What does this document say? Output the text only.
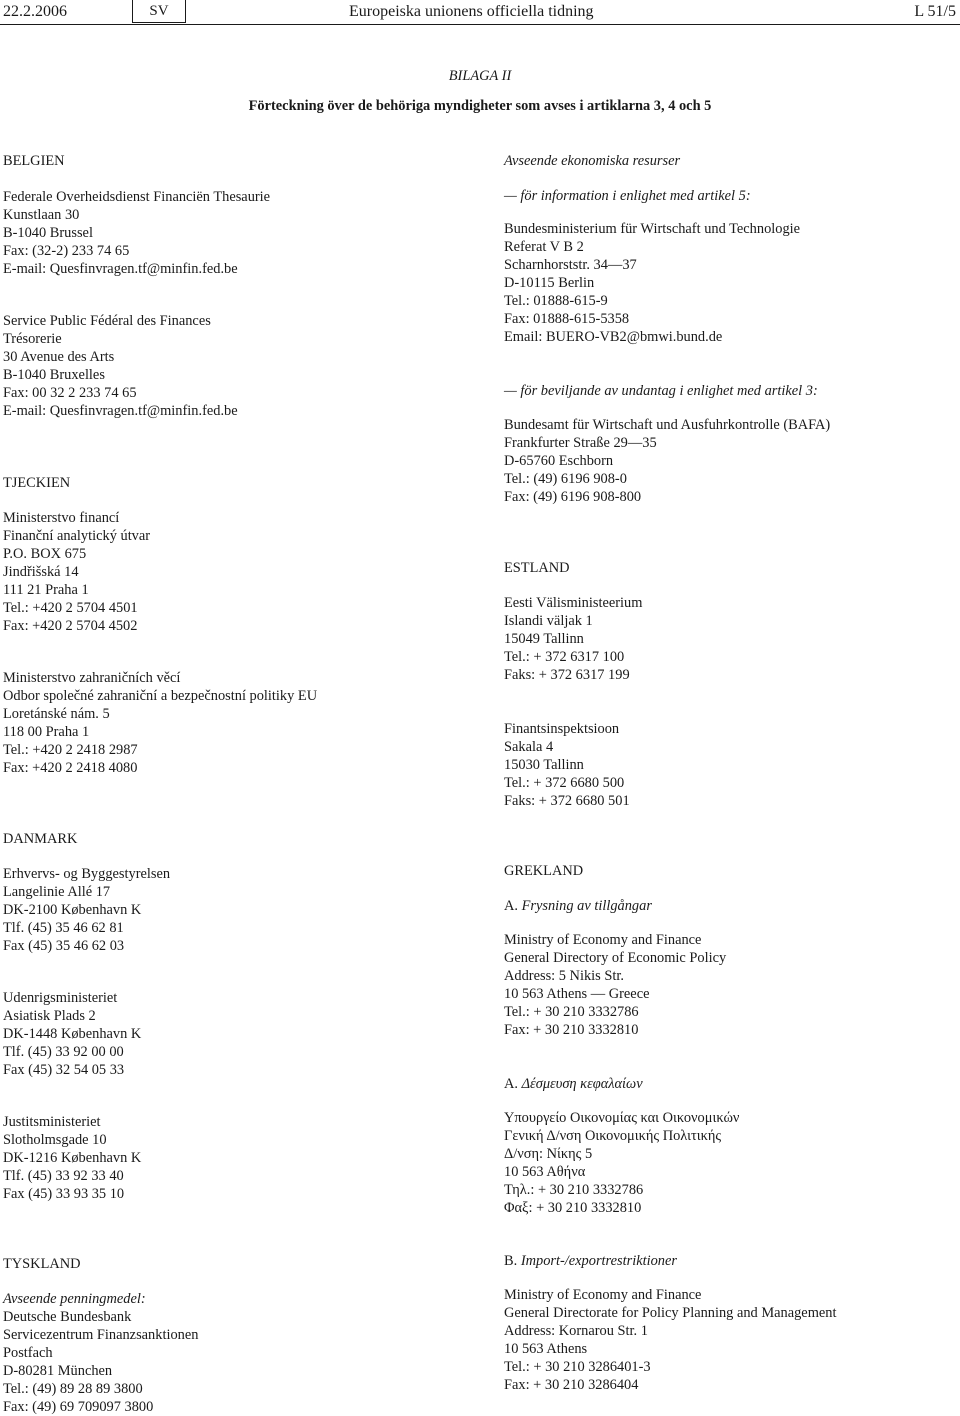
22.2.2006	SV	Europeiska unionens officiella tidning	L 51/5
BILAGA II
Förteckning över de behöriga myndigheter som avses i artiklarna 3, 4 och 5
BELGIEN
Federale Overheidsdienst Financiën Thesaurie
Kunstlaan 30
B-1040 Brussel
Fax: (32-2) 233 74 65
E-mail: Quesfinvragen.tf@minfin.fed.be
Service Public Fédéral des Finances
Trésorerie
30 Avenue des Arts
B-1040 Bruxelles
Fax: 00 32 2 233 74 65
E-mail: Quesfinvragen.tf@minfin.fed.be
TJECKIEN
Ministerstvo financí
Finanční analytický útvar
P.O. BOX 675
Jindřišská 14
111 21 Praha 1
Tel.: +420 2 5704 4501
Fax: +420 2 5704 4502
Ministerstvo zahraničních věcí
Odbor společné zahraniční a bezpečnostní politiky EU
Loretánské nám. 5
118 00 Praha 1
Tel.: +420 2 2418 2987
Fax: +420 2 2418 4080
DANMARK
Erhvervs- og Byggestyrelsen
Langelinie Allé 17
DK-2100 København K
Tlf. (45) 35 46 62 81
Fax (45) 35 46 62 03
Udenrigsministeriet
Asiatisk Plads 2
DK-1448 København K
Tlf. (45) 33 92 00 00
Fax (45) 32 54 05 33
Justitsministeriet
Slotholmsgade 10
DK-1216 København K
Tlf. (45) 33 92 33 40
Fax (45) 33 93 35 10
TYSKLAND
Avseende penningmedel:
Deutsche Bundesbank
Servicezentrum Finanzsanktionen
Postfach
D-80281 München
Tel.: (49) 89 28 89 3800
Fax: (49) 69 709097 3800
Avseende ekonomiska resurser
— för information i enlighet med artikel 5:
Bundesministerium für Wirtschaft und Technologie
Referat V B 2
Scharnhorststr. 34—37
D-10115 Berlin
Tel.: 01888-615-9
Fax: 01888-615-5358
Email: BUERO-VB2@bmwi.bund.de
— för beviljande av undantag i enlighet med artikel 3:
Bundesamt für Wirtschaft und Ausfuhrkontrolle (BAFA)
Frankfurter Straße 29—35
D-65760 Eschborn
Tel.: (49) 6196 908-0
Fax: (49) 6196 908-800
ESTLAND
Eesti Välisministeerium
Islandi väljak 1
15049 Tallinn
Tel.: + 372 6317 100
Faks: + 372 6317 199
Finantsinspektsioon
Sakala 4
15030 Tallinn
Tel.: + 372 6680 500
Faks: + 372 6680 501
GREKLAND
A. Frysning av tillgångar
Ministry of Economy and Finance
General Directory of Economic Policy
Address: 5 Nikis Str.
10 563 Athens — Greece
Tel.: + 30 210 3332786
Fax: + 30 210 3332810
A. Δέσμευση κεφαλαίων
Υπουργείο Οικονομίας και Οικονομικών
Γενική Δ/νση Οικονομικής Πολιτικής
Δ/νση: Νίκης 5
10 563 Αθήνα
Τηλ.: + 30 210 3332786
Φαξ: + 30 210 3332810
B. Import-/exportrestriktioner
Ministry of Economy and Finance
General Directorate for Policy Planning and Management
Address: Kornarou Str. 1
10 563 Athens
Tel.: + 30 210 3286401-3
Fax: + 30 210 3286404
